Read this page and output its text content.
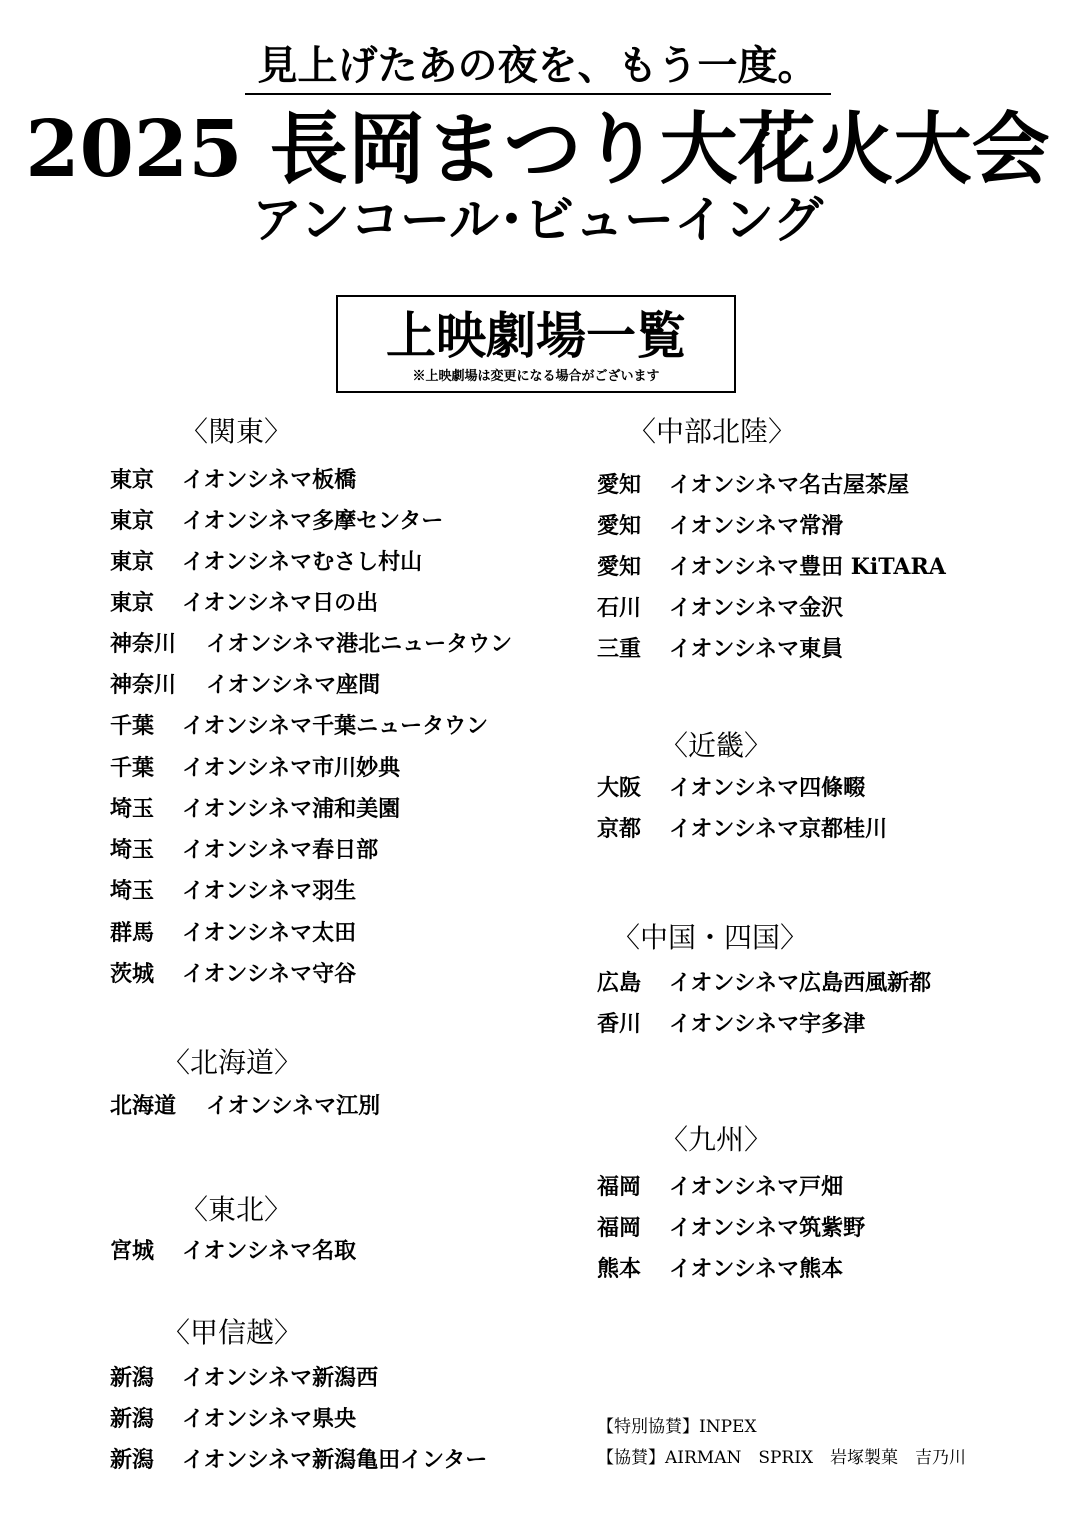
見上げたあの夜を、もう一度。
2025 長岡まつり大花火大会
アンコール･ビューイング
上映劇場一覧
※上映劇場は変更になる場合がございます
〈関東〉
東京 イオンシネマ板橋
東京 イオンシネマ多摩センター
東京 イオンシネマむさし村山
東京 イオンシネマ日の出
神奈川 イオンシネマ港北ニュータウン
神奈川 イオンシネマ座間
千葉 イオンシネマ千葉ニュータウン
千葉 イオンシネマ市川妙典
埼玉 イオンシネマ浦和美園
埼玉 イオンシネマ春日部
埼玉 イオンシネマ羽生
群馬 イオンシネマ太田
茨城 イオンシネマ守谷
〈北海道〉
北海道 イオンシネマ江別
〈東北〉
宮城 イオンシネマ名取
〈甲信越〉
新潟 イオンシネマ新潟西
新潟 イオンシネマ県央
新潟 イオンシネマ新潟亀田インター
〈中部北陸〉
愛知 イオンシネマ名古屋茶屋
愛知 イオンシネマ常滑
愛知 イオンシネマ豊田 KiTARA
石川 イオンシネマ金沢
三重 イオンシネマ東員
〈近畿〉
大阪 イオンシネマ四條畷
京都 イオンシネマ京都桂川
〈中国・四国〉
広島 イオンシネマ広島西風新都
香川 イオンシネマ宇多津
〈九州〉
福岡 イオンシネマ戸畑
福岡 イオンシネマ筑紫野
熊本 イオンシネマ熊本
【特別協賛】INPEX
【協賛】AIRMAN　SPRIX　岩塚製菓　吉乃川
